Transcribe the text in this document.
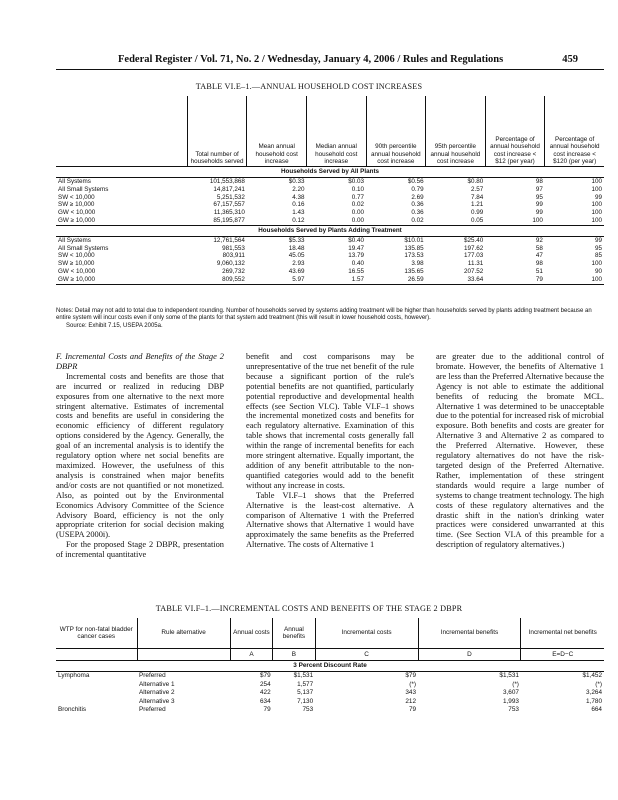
Federal Register / Vol. 71, No. 2 / Wednesday, January 4, 2006 / Rules and Regulations	459
TABLE VI.E–1.—ANNUAL HOUSEHOLD COST INCREASES
	Total number of households served	Mean annual household cost increase	Median annual household cost increase	90th percentile annual household cost increase	95th percentile annual household cost increase	Percentage of annual household cost increase < $12 (per year)	Percentage of annual household cost increase < $120 (per year)
Households Served by All Plants							
All Systems	101,553,868	$0.33	$0.03	$0.56	$0.80	98	100
All Small Systems	14,817,241	2.20	0.10	0.79	2.57	97	100
SW < 10,000	5,251,532	4.38	0.77	2.69	7.84	95	99
SW ≥ 10,000	67,157,557	0.16	0.02	0.36	1.21	99	100
GW < 10,000	11,365,310	1.43	0.00	0.36	0.99	99	100
GW ≥ 10,000	85,195,877	0.12	0.00	0.02	0.05	100	100
Households Served by Plants Adding Treatment							
All Systems	12,761,564	$5.33	$0.40	$10.01	$25.40	92	99
All Small Systems	981,553	18.48	19.47	135.85	197.62	58	95
SW < 10,000	803,911	45.05	13.79	173.53	177.03	47	85
SW ≥ 10,000	9,060,132	2.93	0.40	3.98	11.31	98	100
GW < 10,000	269,732	43.69	16.55	135.65	207.52	51	90
GW ≥ 10,000	809,552	5.97	1.57	26.59	33.64	79	100
Notes: Detail may not add to total due to independent rounding. Number of households served by systems adding treatment will be higher than households served by plants adding treatment because an entire system will incur costs even if only some of the plants for that system add treatment (this will result in lower household costs, however).
Source: Exhibit 7.15, USEPA 2005a.
F. Incremental Costs and Benefits of the Stage 2 DBPR

Incremental costs and benefits are those that are incurred or realized in reducing DBP exposures from one alternative to the next more stringent alternative. Estimates of incremental costs and benefits are useful in considering the economic efficiency of different regulatory options considered by the Agency. Generally, the goal of an incremental analysis is to identify the regulatory option where net social benefits are maximized. However, the usefulness of this analysis is constrained when major benefits and/or costs are not quantified or not monetized. Also, as pointed out by the Environmental Economics Advisory Committee of the Science Advisory Board, efficiency is not the only appropriate criterion for social decision making (USEPA 2000i).

For the proposed Stage 2 DBPR, presentation of incremental quantitative

benefit and cost comparisons may be unrepresentative of the true net benefit of the rule because a significant portion of the rule's potential benefits are not quantified, particularly potential reproductive and developmental health effects (see Section VI.C). Table VI.F–1 shows the incremental monetized costs and benefits for each regulatory alternative. Examination of this table shows that incremental costs generally fall within the range of incremental benefits for each more stringent alternative. Equally important, the addition of any benefit attributable to the non-quantified categories would add to the benefit without any increase in costs.

Table VI.F–1 shows that the Preferred Alternative is the least-cost alternative. A comparison of Alternative 1 with the Preferred Alternative shows that Alternative 1 would have approximately the same benefits as the Preferred Alternative. The costs of Alternative 1

are greater due to the additional control of bromate. However, the benefits of Alternative 1 are less than the Preferred Alternative because the Agency is not able to estimate the additional benefits of reducing the bromate MCL. Alternative 1 was determined to be unacceptable due to the potential for increased risk of microbial exposure. Both benefits and costs are greater for Alternative 3 and Alternative 2 as compared to the Preferred Alternative. However, these regulatory alternatives do not have the risk-targeted design of the Preferred Alternative. Rather, implementation of these stringent standards would require a large number of systems to change treatment technology. The high costs of these regulatory alternatives and the drastic shift in the nation's drinking water practices were considered unwarranted at this time. (See Section VI.A of this preamble for a description of regulatory alternatives.)

TABLE VI.F–1.—INCREMENTAL COSTS AND BENEFITS OF THE STAGE 2 DBPR
WTP for non-fatal bladder cancer cases	Rule alternative	Annual costs	Annual benefits	Incremental costs	Incremental benefits	Incremental net benefits
		A	B	C	D	E=D−C
3 Percent Discount Rate						
Lymphoma	Preferred	$79	$1,531	$79	$1,531	$1,452
	Alternative 1	254	1,577	(*)	(*)	(*)
	Alternative 2	422	5,137	343	3,607	3,264
	Alternative 3	634	7,130	212	1,993	1,780
Bronchitis	Preferred	79	753	79	753	664
